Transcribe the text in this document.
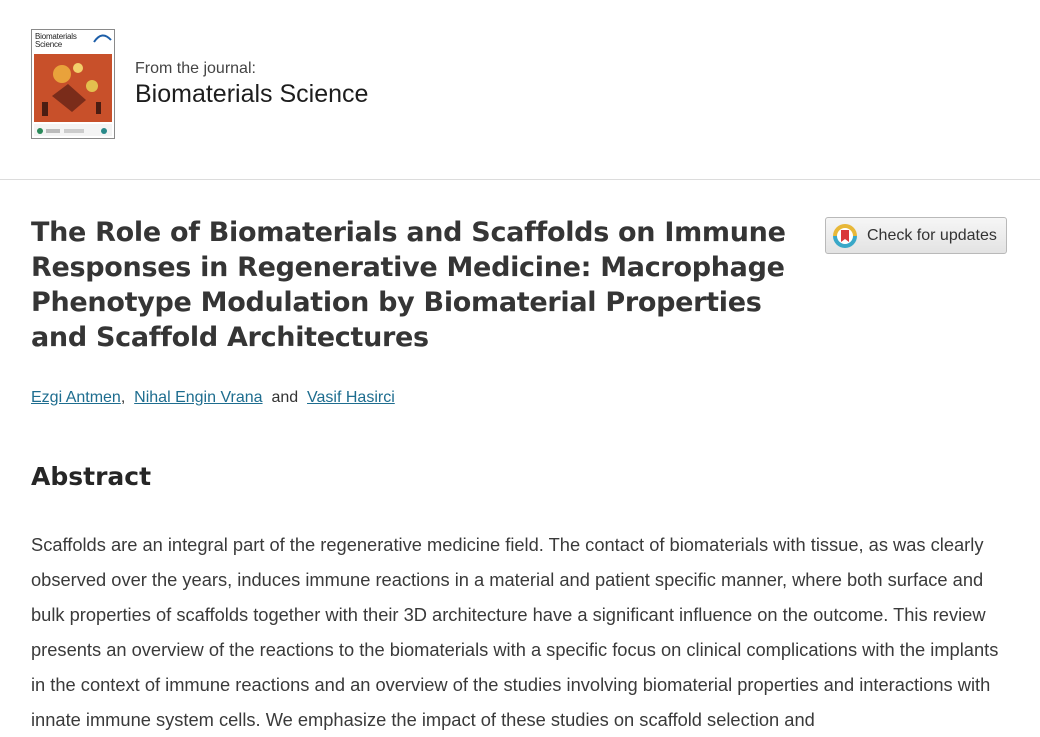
Biomaterials Science
From the journal:
Biomaterials Science
The Role of Biomaterials and Scaffolds on Immune Responses in Regenerative Medicine: Macrophage Phenotype Modulation by Biomaterial Properties and Scaffold Architectures
Check for updates
Ezgi Antmen, Nihal Engin Vrana and Vasif Hasirci
Abstract

Scaffolds are an integral part of the regenerative medicine field. The contact of biomaterials with tissue, as was clearly observed over the years, induces immune reactions in a material and patient specific manner, where both surface and bulk properties of scaffolds together with their 3D architecture have a significant influence on the outcome. This review presents an overview of the reactions to the biomaterials with a specific focus on clinical complications with the implants in the context of immune reactions and an overview of the studies involving biomaterial properties and interactions with innate immune system cells. We emphasize the impact of these studies on scaffold selection and
